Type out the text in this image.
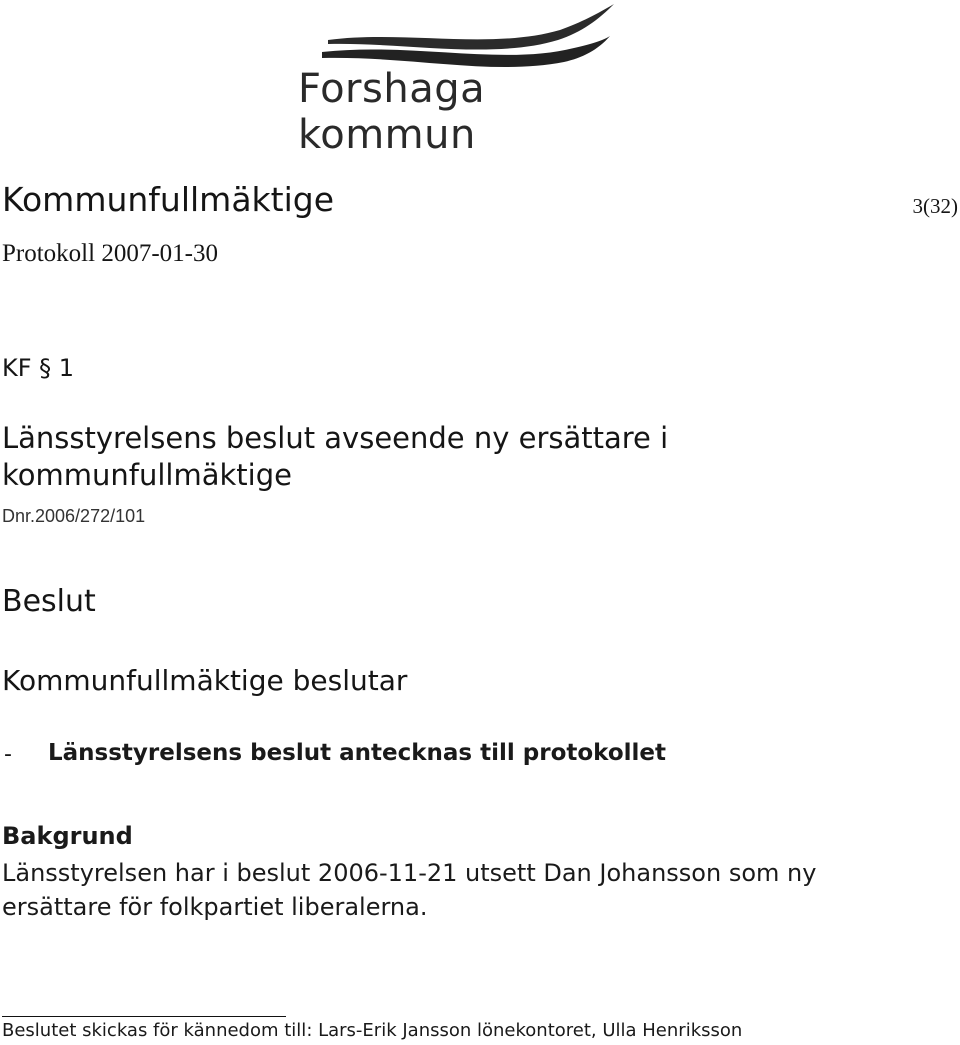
Forshaga kommun
Kommunfullmäktige	3(32)
Protokoll 2007-01-30
KF § 1
Länsstyrelsens beslut avseende ny ersättare i kommunfullmäktige
Dnr.2006/272/101
Beslut
Kommunfullmäktige beslutar
- Länsstyrelsens beslut antecknas till protokollet
Bakgrund
Länsstyrelsen har i beslut 2006-11-21 utsett Dan Johansson som ny ersättare för folkpartiet liberalerna.
Beslutet skickas för kännedom till: Lars-Erik Jansson lönekontoret, Ulla Henriksson
